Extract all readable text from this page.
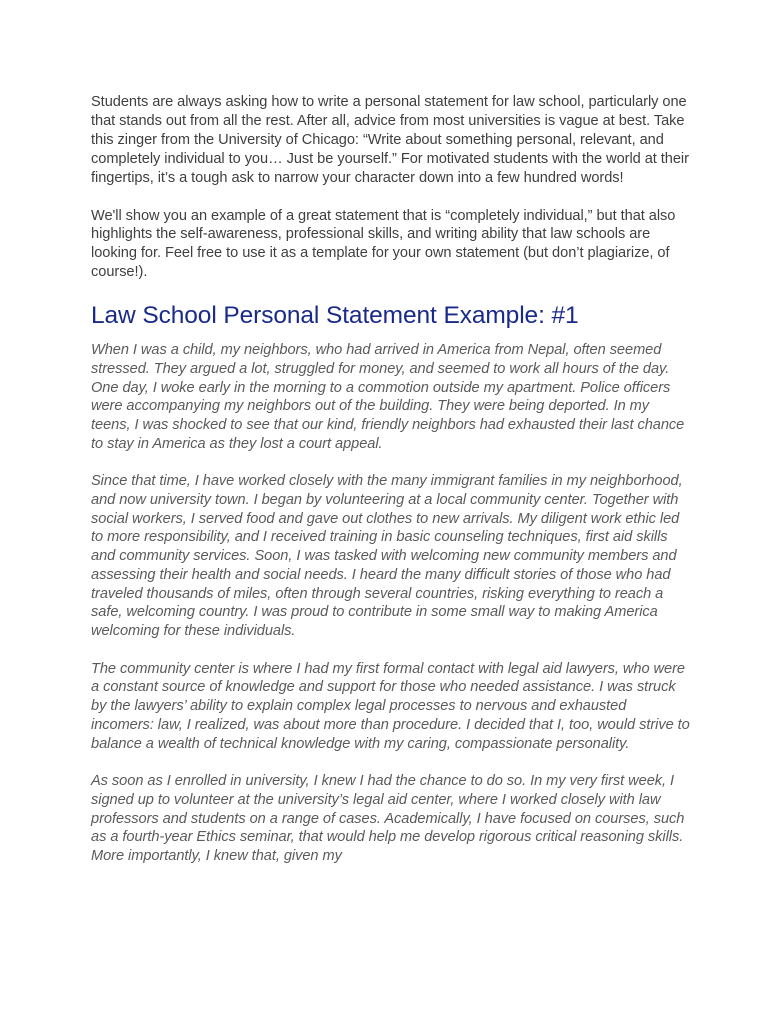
Students are always asking how to write a personal statement for law school, particularly one that stands out from all the rest. After all, advice from most universities is vague at best. Take this zinger from the University of Chicago: “Write about something personal, relevant, and completely individual to you… Just be yourself.” For motivated students with the world at their fingertips, it’s a tough ask to narrow your character down into a few hundred words!

We'll show you an example of a great statement that is “completely individual,” but that also highlights the self-awareness, professional skills, and writing ability that law schools are looking for. Feel free to use it as a template for your own statement (but don’t plagiarize, of course!).

Law School Personal Statement Example: #1

When I was a child, my neighbors, who had arrived in America from Nepal, often seemed stressed. They argued a lot, struggled for money, and seemed to work all hours of the day. One day, I woke early in the morning to a commotion outside my apartment. Police officers were accompanying my neighbors out of the building. They were being deported. In my teens, I was shocked to see that our kind, friendly neighbors had exhausted their last chance to stay in America as they lost a court appeal.

Since that time, I have worked closely with the many immigrant families in my neighborhood, and now university town. I began by volunteering at a local community center. Together with social workers, I served food and gave out clothes to new arrivals. My diligent work ethic led to more responsibility, and I received training in basic counseling techniques, first aid skills and community services. Soon, I was tasked with welcoming new community members and assessing their health and social needs. I heard the many difficult stories of those who had traveled thousands of miles, often through several countries, risking everything to reach a safe, welcoming country. I was proud to contribute in some small way to making America welcoming for these individuals.

The community center is where I had my first formal contact with legal aid lawyers, who were a constant source of knowledge and support for those who needed assistance. I was struck by the lawyers’ ability to explain complex legal processes to nervous and exhausted incomers: law, I realized, was about more than procedure. I decided that I, too, would strive to balance a wealth of technical knowledge with my caring, compassionate personality.

As soon as I enrolled in university, I knew I had the chance to do so. In my very first week, I signed up to volunteer at the university’s legal aid center, where I worked closely with law professors and students on a range of cases. Academically, I have focused on courses, such as a fourth-year Ethics seminar, that would help me develop rigorous critical reasoning skills. More importantly, I knew that, given my
